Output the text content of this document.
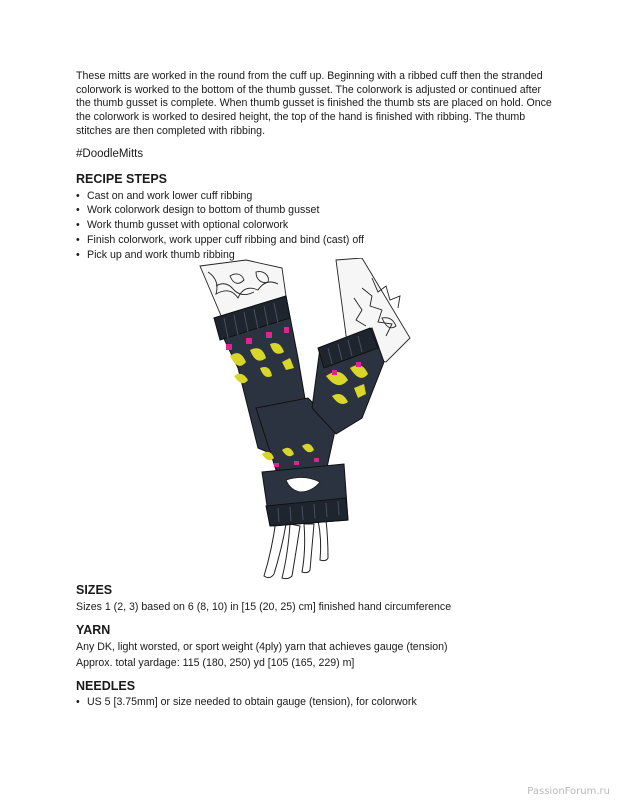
These mitts are worked in the round from the cuff up. Beginning with a ribbed cuff then the stranded colorwork is worked to the bottom of the thumb gusset. The colorwork is adjusted or continued after the thumb gusset is complete. When thumb gusset is finished the thumb sts are placed on hold. Once the colorwork is worked to desired height, the top of the hand is finished with ribbing. The thumb stitches are then completed with ribbing.

#DoodleMitts

RECIPE STEPS
• Cast on and work lower cuff ribbing
• Work colorwork design to bottom of thumb gusset
• Work thumb gusset with optional colorwork
• Finish colorwork, work upper cuff ribbing and bind (cast) off
• Pick up and work thumb ribbing
SIZES

Sizes 1 (2, 3) based on 6 (8, 10) in [15 (20, 25) cm] finished hand circumference

YARN

Any DK, light worsted, or sport weight (4ply) yarn that achieves gauge (tension)

Approx. total yardage: 115 (180, 250) yd [105 (165, 229) m]

NEEDLES
• US 5 [3.75mm] or size needed to obtain gauge (tension), for colorwork
PassionForum.ru
